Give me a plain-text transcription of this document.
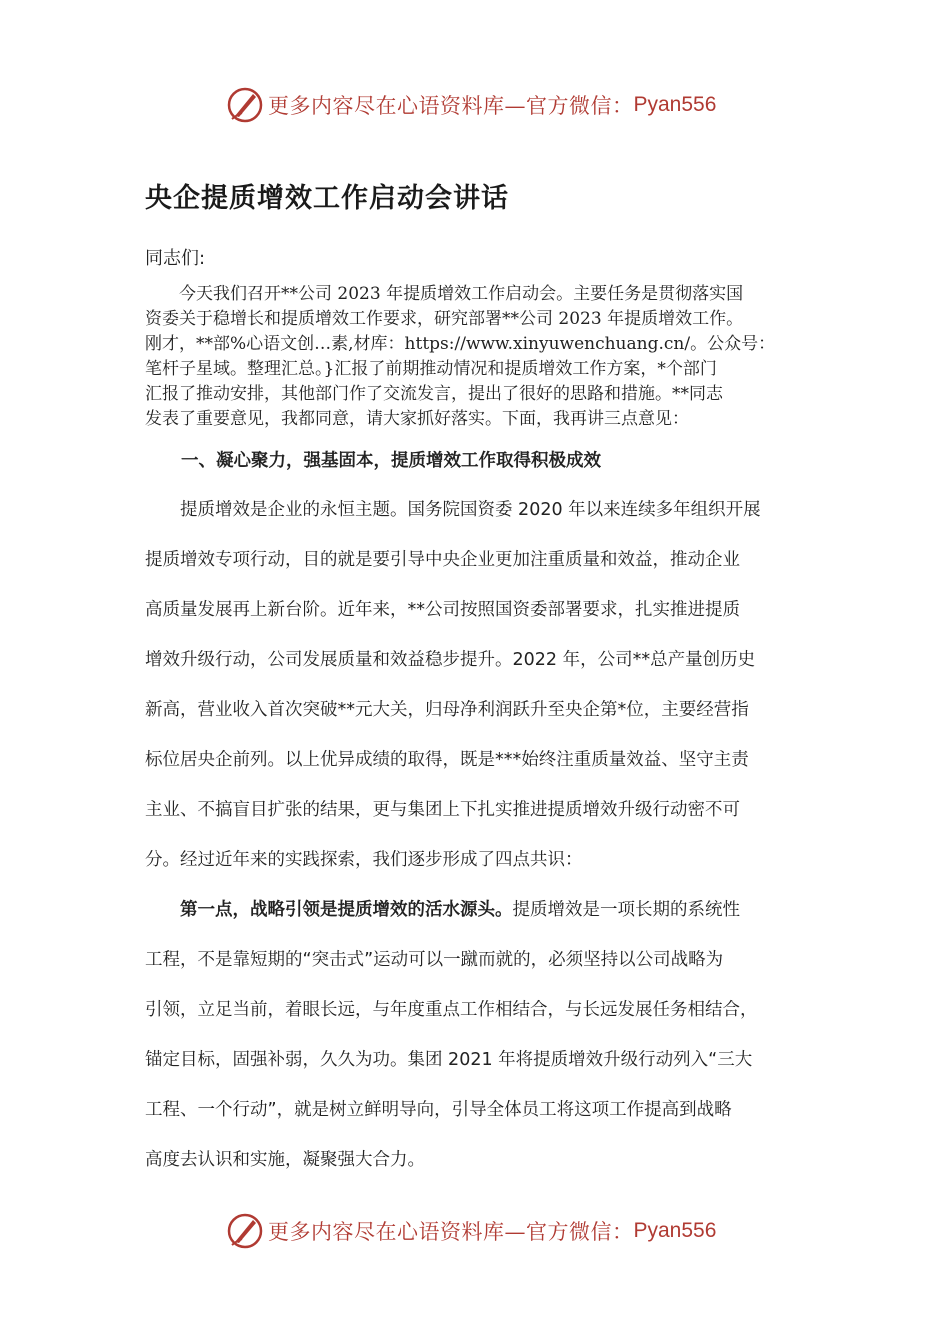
更多内容尽在心语资料库—官方微信： Pyan556
央企提质增效工作启动会讲话

同志们:

　　今天我们召开**公司 2023 年提质增效工作启动会。主要任务是贯彻落实国
资委关于稳增长和提质增效工作要求，研究部署**公司 2023 年提质增效工作。
刚才，**部%心语文创…素,材库：https://www.xinyuwenchuang.cn/。公众号：
笔杆子星域。整理汇总。}汇报了前期推动情况和提质增效工作方案，*个部门
汇报了推动安排，其他部门作了交流发言，提出了很好的思路和措施。**同志
发表了重要意见，我都同意，请大家抓好落实。下面，我再讲三点意见：

一、凝心聚力，强基固本，提质增效工作取得积极成效

　　提质增效是企业的永恒主题。国务院国资委 2020 年以来连续多年组织开展
提质增效专项行动，目的就是要引导中央企业更加注重质量和效益，推动企业
高质量发展再上新台阶。近年来，**公司按照国资委部署要求，扎实推进提质
增效升级行动，公司发展质量和效益稳步提升。2022 年，公司**总产量创历史
新高，营业收入首次突破**元大关，归母净利润跃升至央企第*位，主要经营指
标位居央企前列。以上优异成绩的取得，既是***始终注重质量效益、坚守主责
主业、不搞盲目扩张的结果，更与集团上下扎实推进提质增效升级行动密不可
分。经过近年来的实践探索，我们逐步形成了四点共识：

　　第一点，战略引领是提质增效的活水源头。提质增效是一项长期的系统性
工程，不是靠短期的“突击式”运动可以一蹴而就的，必须坚持以公司战略为
引领，立足当前，着眼长远，与年度重点工作相结合，与长远发展任务相结合，
锚定目标，固强补弱，久久为功。集团 2021 年将提质增效升级行动列入“三大
工程、一个行动”，就是树立鲜明导向，引导全体员工将这项工作提高到战略
高度去认识和实施，凝聚强大合力。

更多内容尽在心语资料库—官方微信： Pyan556
